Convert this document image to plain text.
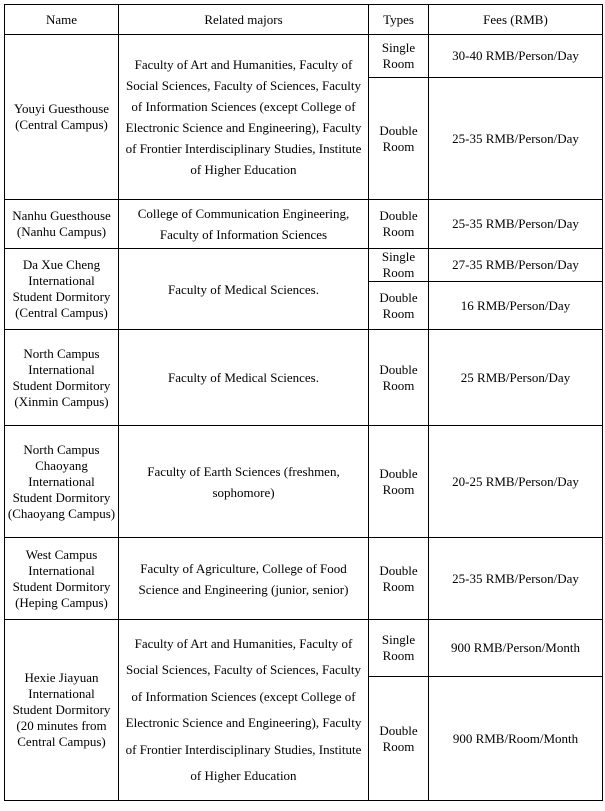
Name	Related majors	Types	Fees (RMB)
Youyi Guesthouse (Central Campus)	Faculty of Art and Humanities, Faculty of Social Sciences, Faculty of Sciences, Faculty of Information Sciences (except College of Electronic Science and Engineering), Faculty of Frontier Interdisciplinary Studies, Institute of Higher Education	Single Room	30-40 RMB/Person/Day
		Double Room	25-35 RMB/Person/Day
Nanhu Guesthouse (Nanhu Campus)	College of Communication Engineering, Faculty of Information Sciences	Double Room	25-35 RMB/Person/Day
Da Xue Cheng International Student Dormitory (Central Campus)	Faculty of Medical Sciences.	Single Room	27-35 RMB/Person/Day
		Double Room	16 RMB/Person/Day
North Campus International Student Dormitory (Xinmin Campus)	Faculty of Medical Sciences.	Double Room	25 RMB/Person/Day
North Campus Chaoyang International Student Dormitory (Chaoyang Campus)	Faculty of Earth Sciences (freshmen, sophomore)	Double Room	20-25 RMB/Person/Day
West Campus International Student Dormitory (Heping Campus)	Faculty of Agriculture, College of Food Science and Engineering (junior, senior)	Double Room	25-35 RMB/Person/Day
Hexie Jiayuan International Student Dormitory (20 minutes from Central Campus)	Faculty of Art and Humanities, Faculty of Social Sciences, Faculty of Sciences, Faculty of Information Sciences (except College of Electronic Science and Engineering), Faculty of Frontier Interdisciplinary Studies, Institute of Higher Education	Single Room	900 RMB/Person/Month
		Double Room	900 RMB/Room/Month
